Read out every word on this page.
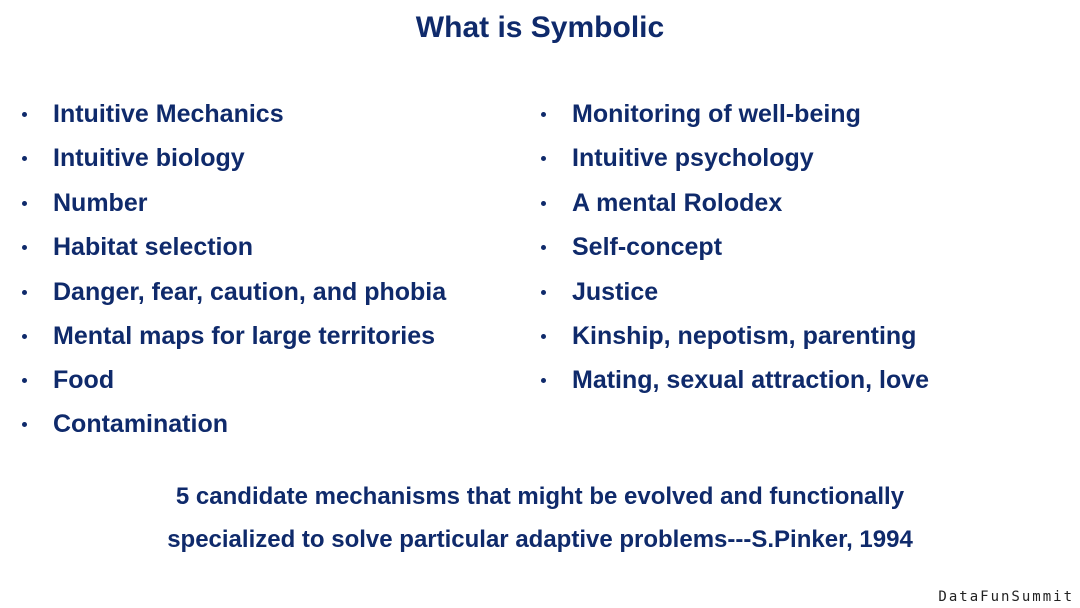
What is Symbolic
Intuitive Mechanics
Intuitive biology
Number
Habitat selection
Danger, fear, caution, and phobia
Mental maps for large territories
Food
Contamination
Monitoring of well-being
Intuitive psychology
A mental Rolodex
Self-concept
Justice
Kinship, nepotism, parenting
Mating, sexual attraction, love
5 candidate mechanisms that might be evolved and functionally
specialized to solve particular adaptive problems---S.Pinker, 1994
DataFunSummit
